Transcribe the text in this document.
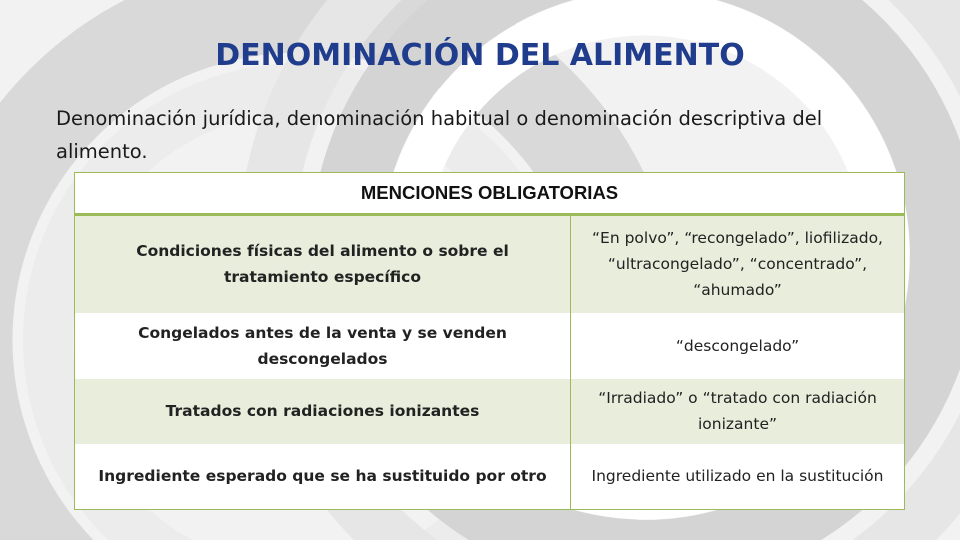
DENOMINACIÓN DEL ALIMENTO
Denominación jurídica, denominación habitual o denominación descriptiva del alimento.
MENCIONES OBLIGATORIAS	
Condiciones físicas del alimento o sobre el tratamiento específico	“En polvo”, “recongelado”, liofilizado, “ultracongelado”, “concentrado”, “ahumado”
Congelados antes de la venta y se venden descongelados	“descongelado”
Tratados con radiaciones ionizantes	“Irradiado” o “tratado con radiación ionizante”
Ingrediente esperado que se ha sustituido por otro	Ingrediente utilizado en la sustitución
